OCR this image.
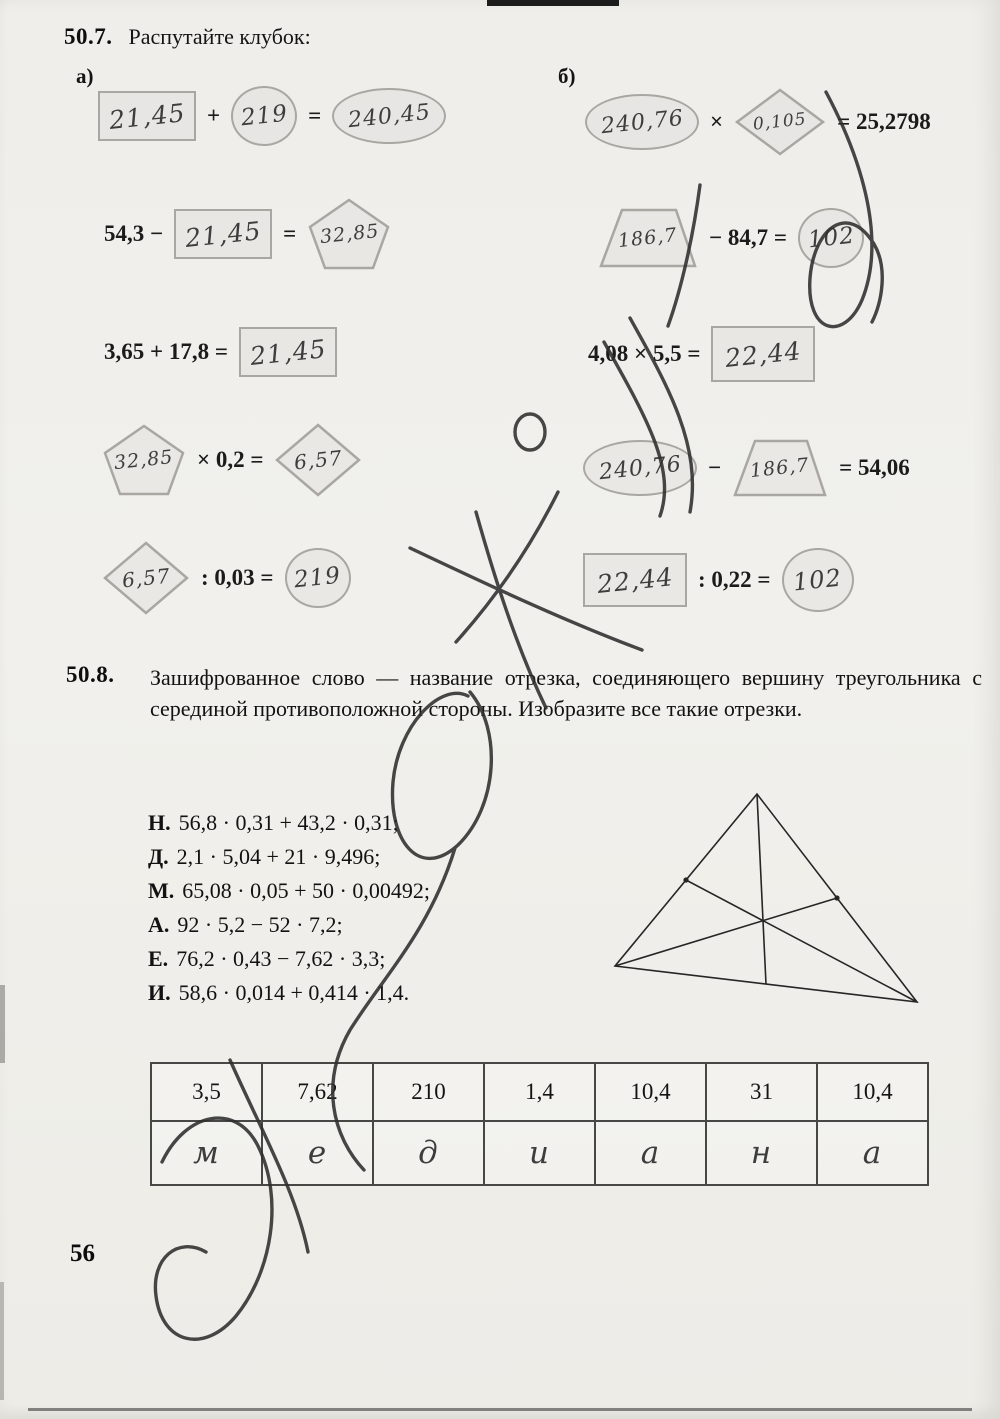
50.7. Распутайте клубок:
а)	б)
21,45 + 219 = 240,45
54,3 − 21,45 = 32,85
3,65 + 17,8 = 21,45
32,85 × 0,2 = 6,57
6,57 : 0,03 = 219
240,76 × 0,105 = 25,2798
186,7 − 84,7 = 102
4,08 × 5,5 = 22,44
240,76 − 186,7 = 54,06
22,44 : 0,22 = 102
50.8. Зашифрованное слово — название отрезка, соединяющего вершину треугольника с серединой противоположной стороны. Изобразите все такие отрезки.
Н. 56,8 · 0,31 + 43,2 · 0,31;
Д. 2,1 · 5,04 + 21 · 9,496;
М. 65,08 · 0,05 + 50 · 0,00492;
А. 92 · 5,2 − 52 · 7,2;
Е. 76,2 · 0,43 − 7,62 · 3,3;
И. 58,6 · 0,014 + 0,414 · 1,4.
3,5	7,62	210	1,4	10,4	31	10,4
м	е	д	и	а	н	а
56
